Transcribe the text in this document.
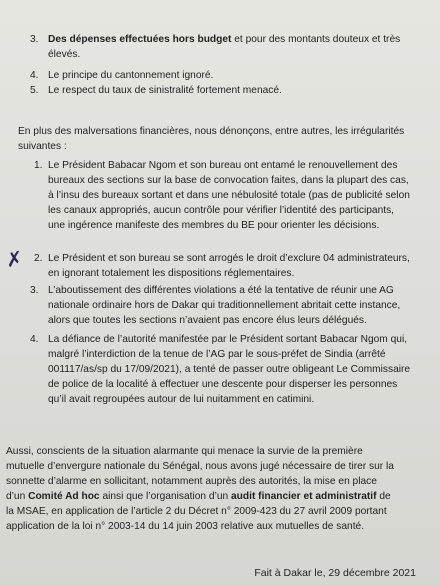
3. Des dépenses effectuées hors budget et pour des montants douteux et très
élevés.
4. Le principe du cantonnement ignoré.
5. Le respect du taux de sinistralité fortement menacé.
En plus des malversations financières, nous dénonçons, entre autres, les irrégularités
suivantes :
1. Le Président Babacar Ngom et son bureau ont entamé le renouvellement des
bureaux des sections sur la base de convocation faites, dans la plupart des cas,
à l’insu des bureaux sortant et dans une nébulosité totale (pas de publicité selon
les canaux appropriés, aucun contrôle pour vérifier l’identité des participants,
une ingérence manifeste des membres du BE pour orienter les décisions.
2. Le Président et son bureau se sont arrogés le droit d’exclure 04 administrateurs,
en ignorant totalement les dispositions réglementaires.
3. L’aboutissement des différentes violations a été la tentative de réunir une AG
nationale ordinaire hors de Dakar qui traditionnellement abritait cette instance,
alors que toutes les sections n’avaient pas encore élus leurs délégués.
4. La défiance de l’autorité manifestée par le Président sortant Babacar Ngom qui,
malgré l’interdiction de la tenue de l’AG par le sous-préfet de Sindia (arrêté
001117/as/sp du 17/09/2021), a tenté de passer outre obligeant Le Commissaire
de police de la localité à effectuer une descente pour disperser les personnes
qu’il avait regroupées autour de lui nuitamment en catimini.
✗
Aussi, conscients de la situation alarmante qui menace la survie de la première
mutuelle d’envergure nationale du Sénégal, nous avons jugé nécessaire de tirer sur la
sonnette d’alarme en sollicitant, notamment auprès des autorités, la mise en place
d’un Comité Ad hoc ainsi que l’organisation d’un audit financier et administratif de
la MSAE, en application de l’article 2 du Décret n° 2009-423 du 27 avril 2009 portant
application de la loi n° 2003-14 du 14 juin 2003 relative aux mutuelles de santé.
Fait à Dakar le, 29 décembre 2021
